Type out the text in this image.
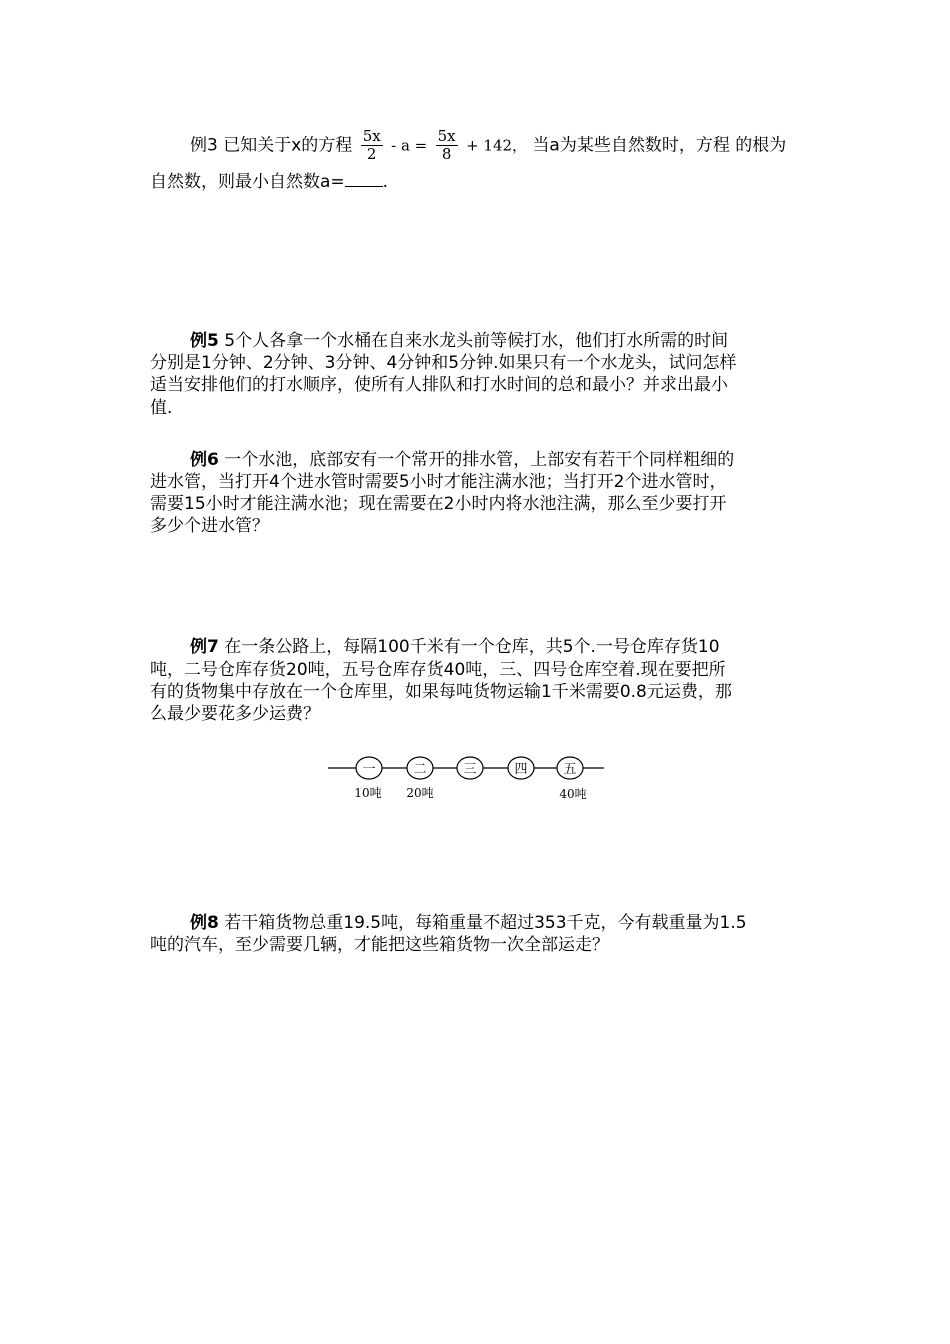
例3 已知关于x的方程 $\frac{5x}{2} - a = \frac{5x}{8} + 142$， 当a为某些自然数时，方程 的根为
自然数，则最小自然数a= .
例5 5个人各拿一个水桶在自来水龙头前等候打水，他们打水所需的时间
分别是1分钟、2分钟、3分钟、4分钟和5分钟.如果只有一个水龙头，试问怎样
适当安排他们的打水顺序，使所有人排队和打水时间的总和最小？并求出最小
值.
例6 一个水池，底部安有一个常开的排水管，上部安有若干个同样粗细的
进水管，当打开4个进水管时需要5小时才能注满水池；当打开2个进水管时，
需要15小时才能注满水池；现在需要在2小时内将水池注满，那么至少要打开
多少个进水管？
例7 在一条公路上，每隔100千米有一个仓库，共5个.一号仓库存货10
吨，二号仓库存货20吨，五号仓库存货40吨，三、四号仓库空着.现在要把所
有的货物集中存放在一个仓库里，如果每吨货物运输1千米需要0.8元运费，那
么最少要花多少运费？
一	二	三	四	五
10吨 20吨	40吨
例8 若干箱货物总重19.5吨，每箱重量不超过353千克，今有载重量为1.5
吨的汽车，至少需要几辆，才能把这些箱货物一次全部运走？
